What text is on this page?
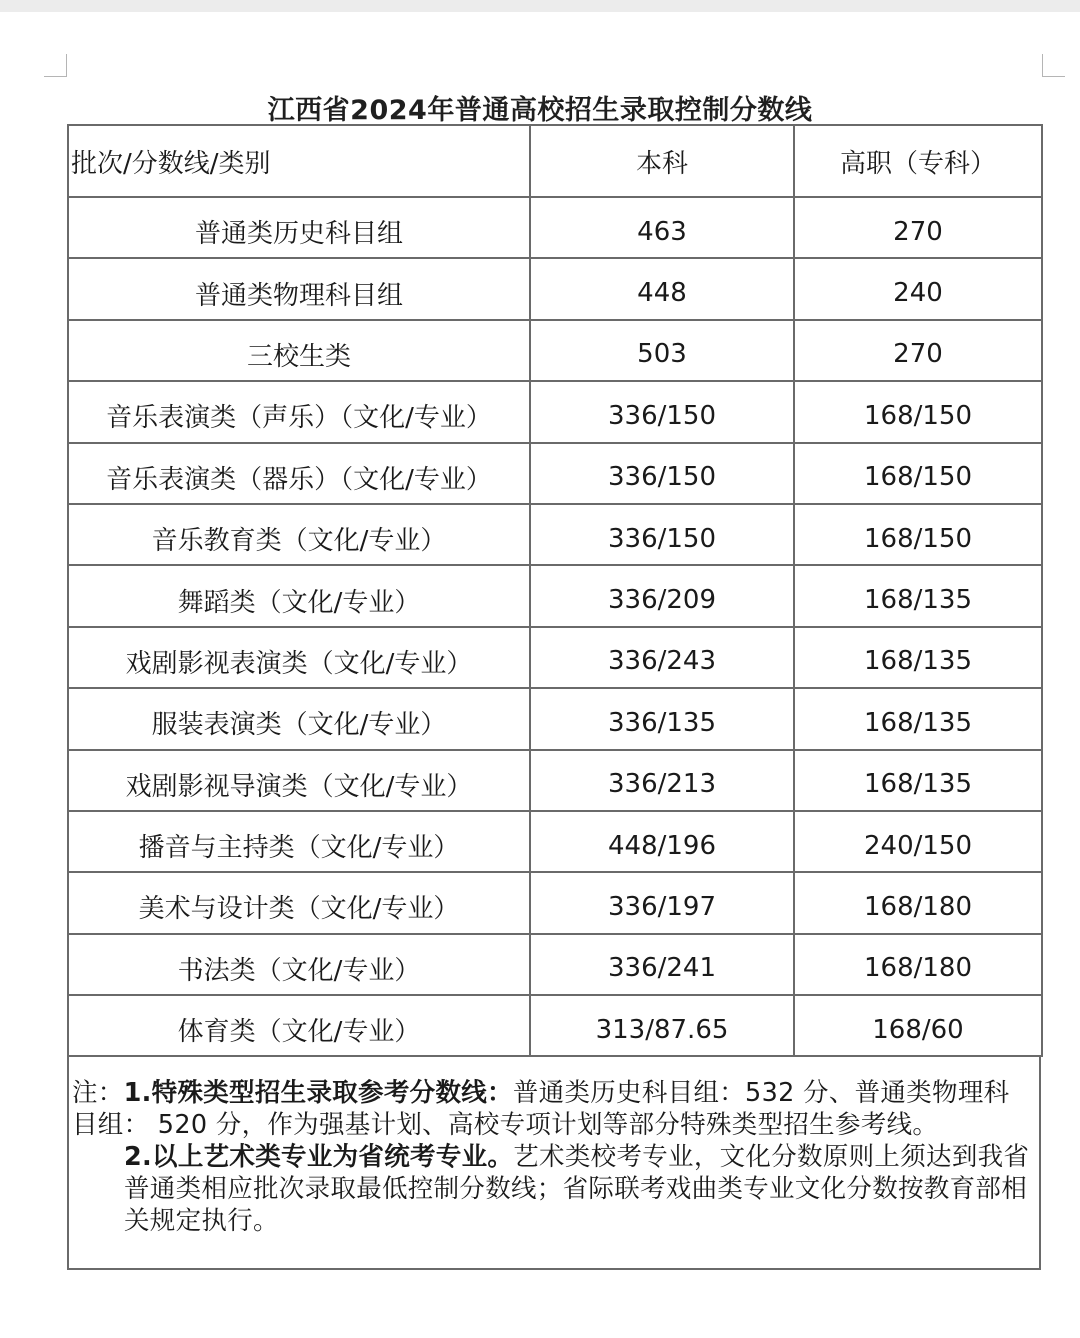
江西省2024年普通高校招生录取控制分数线
批次/分数线/类别	本科	高职（专科）
普通类历史科目组	463	270
普通类物理科目组	448	240
三校生类	503	270
音乐表演类（声乐）（文化/专业）	336/150	168/150
音乐表演类（器乐）（文化/专业）	336/150	168/150
音乐教育类（文化/专业）	336/150	168/150
舞蹈类（文化/专业）	336/209	168/135
戏剧影视表演类（文化/专业）	336/243	168/135
服装表演类（文化/专业）	336/135	168/135
戏剧影视导演类（文化/专业）	336/213	168/135
播音与主持类（文化/专业）	448/196	240/150
美术与设计类（文化/专业）	336/197	168/180
书法类（文化/专业）	336/241	168/180
体育类（文化/专业）	313/87.65	168/60

注：1.特殊类型招生录取参考分数线：普通类历史科目组：532 分、普通类物理科目组： 520 分，作为强基计划、高校专项计划等部分特殊类型招生参考线。

2.以上艺术类专业为省统考专业。艺术类校考专业，文化分数原则上须达到我省普通类相应批次录取最低控制分数线；省际联考戏曲类专业文化分数按教育部相关规定执行。
